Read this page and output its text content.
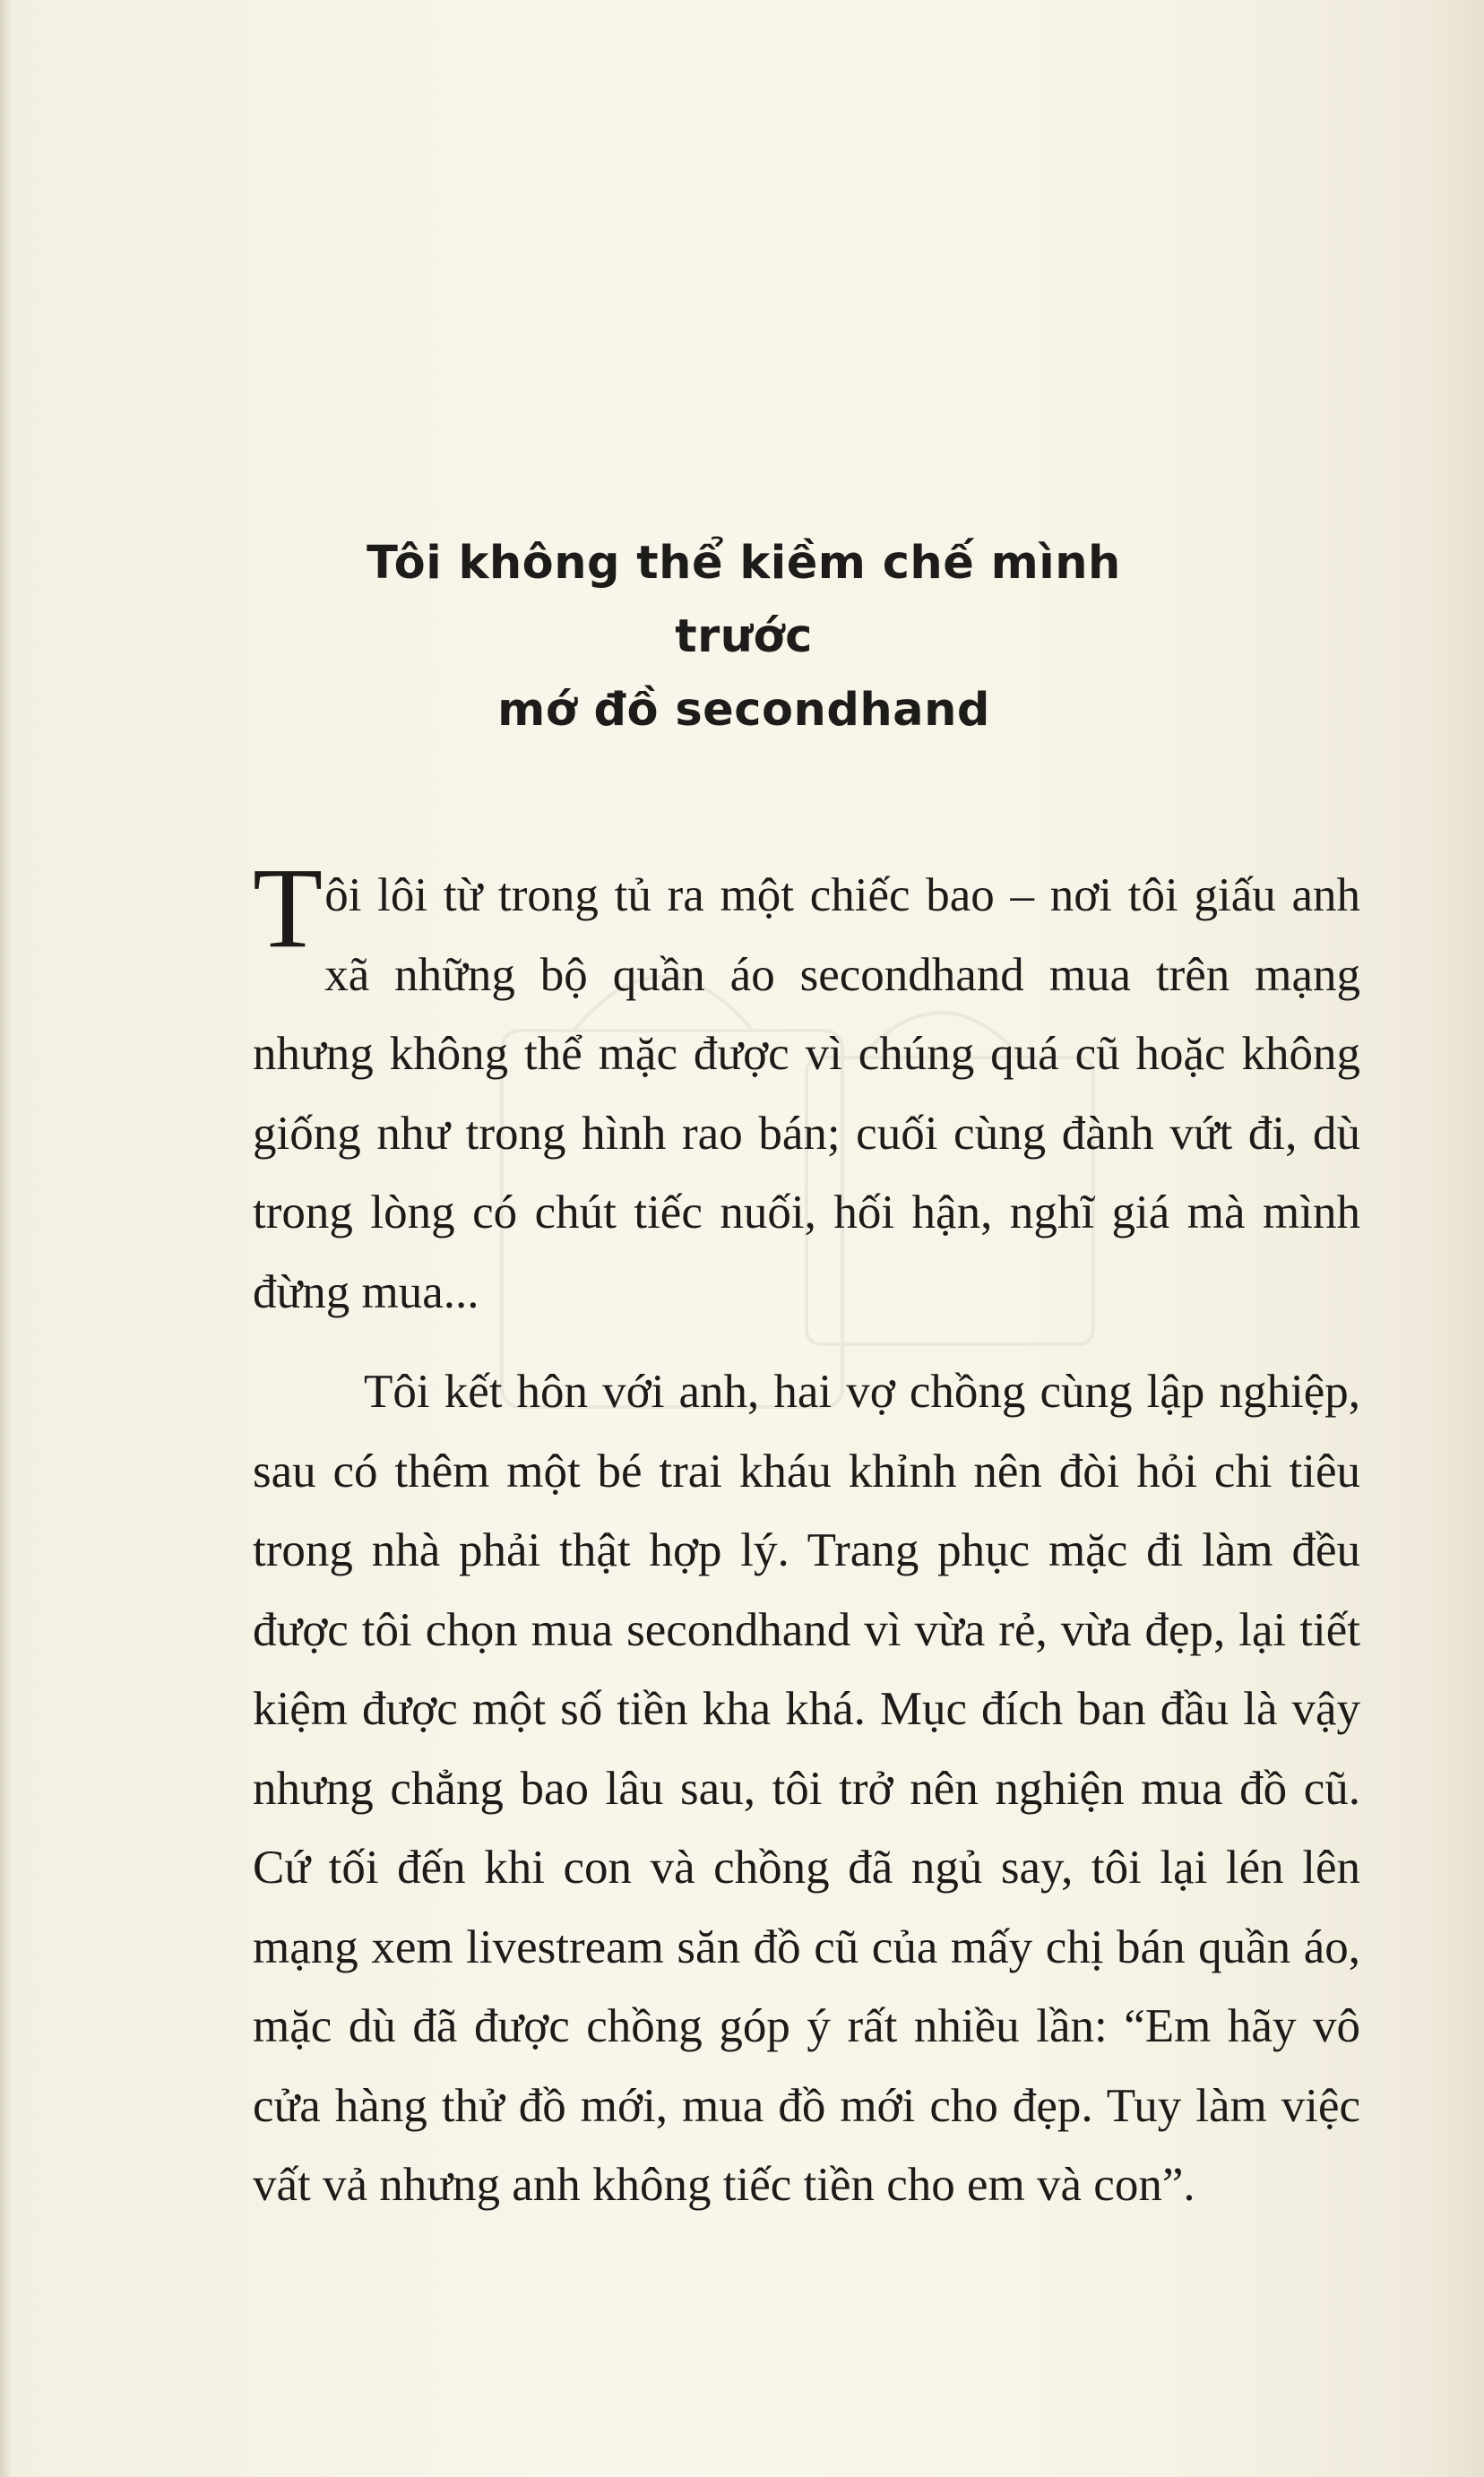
Tôi không thể kiềm chế mình trước
mớ đồ secondhand

Tôi lôi từ trong tủ ra một chiếc bao – nơi tôi giấu anh xã những bộ quần áo secondhand mua trên mạng nhưng không thể mặc được vì chúng quá cũ hoặc không giống như trong hình rao bán; cuối cùng đành vứt đi, dù trong lòng có chút tiếc nuối, hối hận, nghĩ giá mà mình đừng mua...

Tôi kết hôn với anh, hai vợ chồng cùng lập nghiệp, sau có thêm một bé trai kháu khỉnh nên đòi hỏi chi tiêu trong nhà phải thật hợp lý. Trang phục mặc đi làm đều được tôi chọn mua secondhand vì vừa rẻ, vừa đẹp, lại tiết kiệm được một số tiền kha khá. Mục đích ban đầu là vậy nhưng chẳng bao lâu sau, tôi trở nên nghiện mua đồ cũ. Cứ tối đến khi con và chồng đã ngủ say, tôi lại lén lên mạng xem livestream săn đồ cũ của mấy chị bán quần áo, mặc dù đã được chồng góp ý rất nhiều lần: “Em hãy vô cửa hàng thử đồ mới, mua đồ mới cho đẹp. Tuy làm việc vất vả nhưng anh không tiếc tiền cho em và con”.
